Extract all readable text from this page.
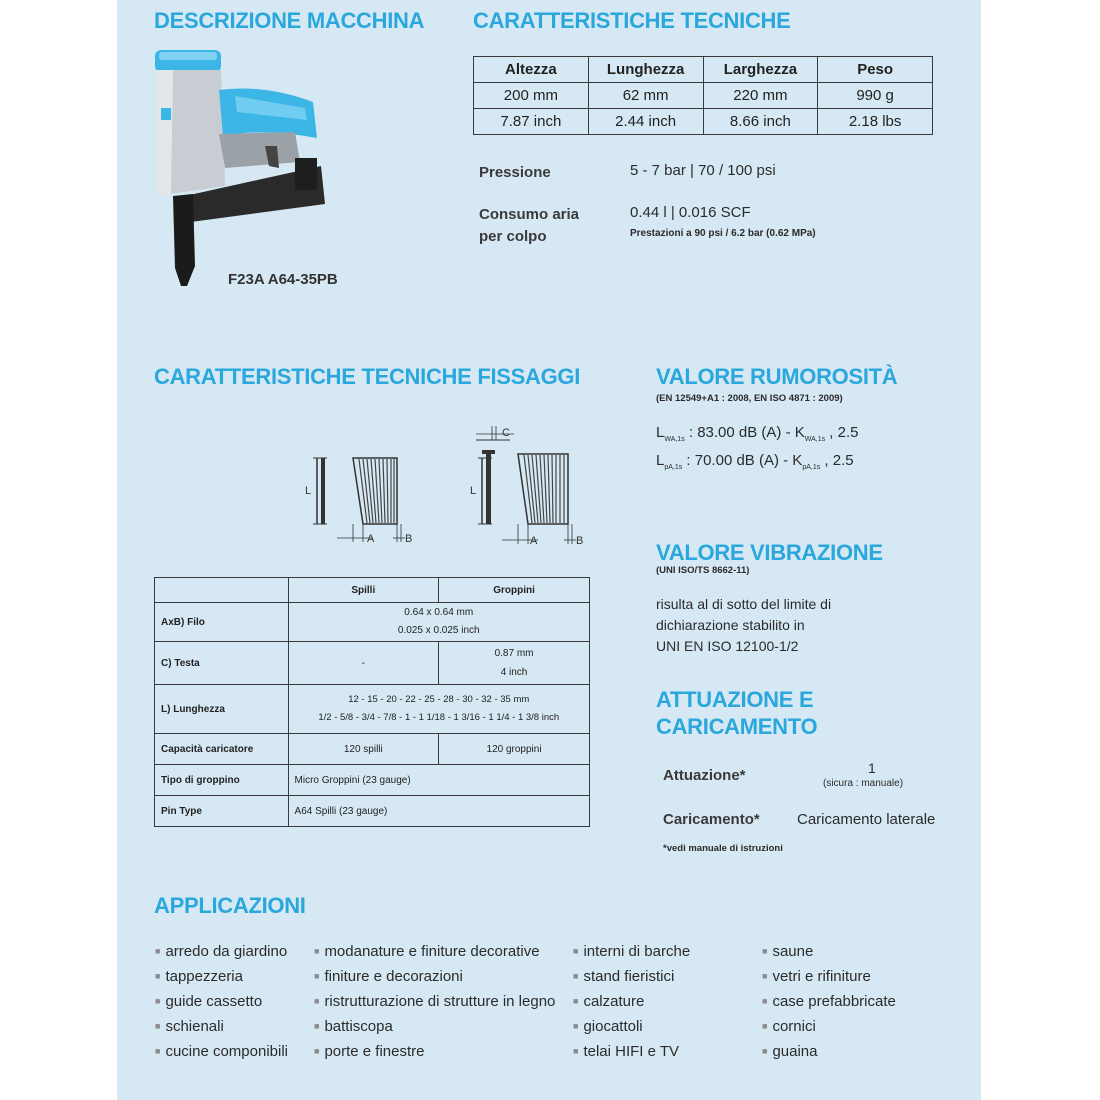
DESCRIZIONE MACCHINA CARATTERISTICHE TECNICHE
F23A A64-35PB
Altezza	Lunghezza	Larghezza	Peso
200 mm	62 mm	220 mm	990 g
7.87 inch	2.44 inch	8.66 inch	2.18 lbs
Pressione	5 - 7 bar | 70 / 100 psi
Consumo aria
per colpo
0.44 l | 0.016 SCF
Prestazioni a 90 psi / 6.2 bar (0.62 MPa)
CARATTERISTICHE TECNICHE FISSAGGI
L
A	B
C
L
A	B
	Spilli	Groppini
AxB) Filo	0.64 x 0.64 mm
0.025 x 0.025 inch	

C) Testa	-	0.87 mm
4 inch

L) Lunghezza	12 - 15 - 20 - 22 - 25 - 28 - 30 - 32 - 35 mm
1/2 - 5/8 - 3/4 - 7/8 - 1 - 1 1/18 - 1 3/16 - 1 1/4 - 1 3/8 inch	

Capacità caricatore	120 spilli	120 groppini
Tipo di groppino	Micro Groppini (23 gauge)	
Pin Type	A64 Spilli (23 gauge)	
VALORE RUMOROSITÀ
(EN 12549+A1 : 2008, EN ISO 4871 : 2009)
$L_{WA,1s}$ : 83.00 dB $(A) - K_{WA,1s}$ , 2.5
$L_{pA,1s}$ : 70.00 dB $(A) - K_{pA,1s}$ , 2.5
VALORE VIBRAZIONE
(UNI ISO/TS 8662-11)
risulta al di sotto del limite di
dichiarazione stabilito in
UNI EN ISO 12100-1/2
ATTUAZIONE E
CARICAMENTO
Attuazione*	1
(sicura : manuale)
Caricamento* Caricamento laterale
*vedi manuale di istruzioni
APPLICAZIONI
■ arredo da giardino
■ tappezzeria
■ guide cassetto
■ schienali
■ cucine componibili
■ modanature e finiture decorative
■ finiture e decorazioni
■ ristrutturazione di strutture in legno
■ battiscopa
■ porte e finestre
■ interni di barche
■ stand fieristici
■ calzature
■ giocattoli
■ telai HIFI e TV
■ saune
■ vetri e rifiniture
■ case prefabbricate
■ cornici
■ guaina
